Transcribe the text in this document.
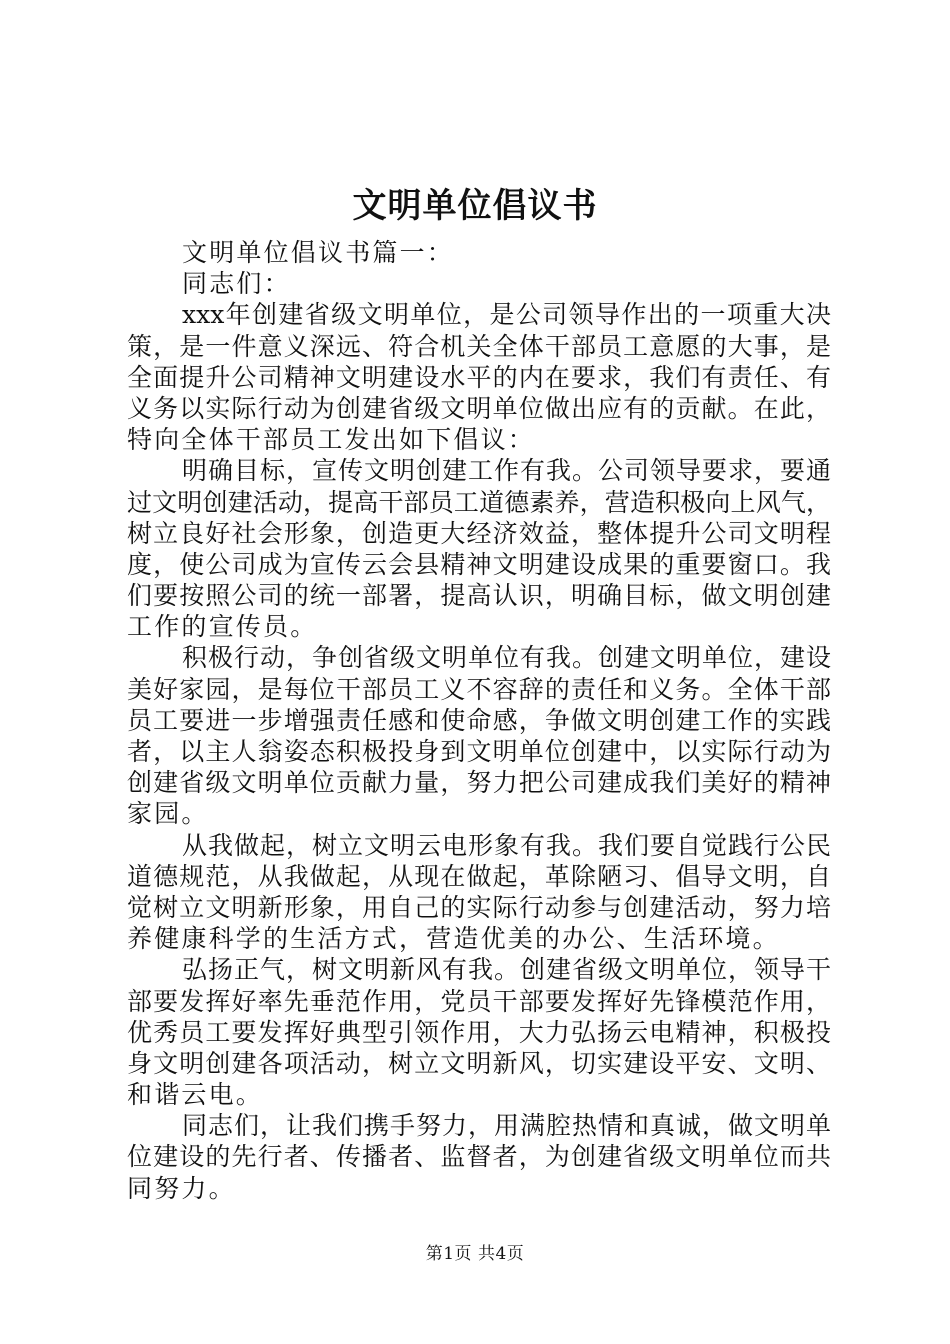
文明单位倡议书
文明单位倡议书篇一：
同志们：
xxx年创建省级文明单位，是公司领导作出的一项重大决
策，是一件意义深远、符合机关全体干部员工意愿的大事，是
全面提升公司精神文明建设水平的内在要求，我们有责任、有
义务以实际行动为创建省级文明单位做出应有的贡献。在此，
特向全体干部员工发出如下倡议：
明确目标，宣传文明创建工作有我。公司领导要求，要通
过文明创建活动，提高干部员工道德素养，营造积极向上风气，
树立良好社会形象，创造更大经济效益，整体提升公司文明程
度，使公司成为宣传云会县精神文明建设成果的重要窗口。我
们要按照公司的统一部署，提高认识，明确目标，做文明创建
工作的宣传员。
积极行动，争创省级文明单位有我。创建文明单位，建设
美好家园，是每位干部员工义不容辞的责任和义务。全体干部
员工要进一步增强责任感和使命感，争做文明创建工作的实践
者，以主人翁姿态积极投身到文明单位创建中，以实际行动为
创建省级文明单位贡献力量，努力把公司建成我们美好的精神
家园。
从我做起，树立文明云电形象有我。我们要自觉践行公民
道德规范，从我做起，从现在做起，革除陋习、倡导文明，自
觉树立文明新形象，用自己的实际行动参与创建活动，努力培
养健康科学的生活方式，营造优美的办公、生活环境。
弘扬正气，树文明新风有我。创建省级文明单位，领导干
部要发挥好率先垂范作用，党员干部要发挥好先锋模范作用，
优秀员工要发挥好典型引领作用，大力弘扬云电精神，积极投
身文明创建各项活动，树立文明新风，切实建设平安、文明、
和谐云电。
同志们，让我们携手努力，用满腔热情和真诚，做文明单
位建设的先行者、传播者、监督者，为创建省级文明单位而共
同努力。
第1页 共4页
